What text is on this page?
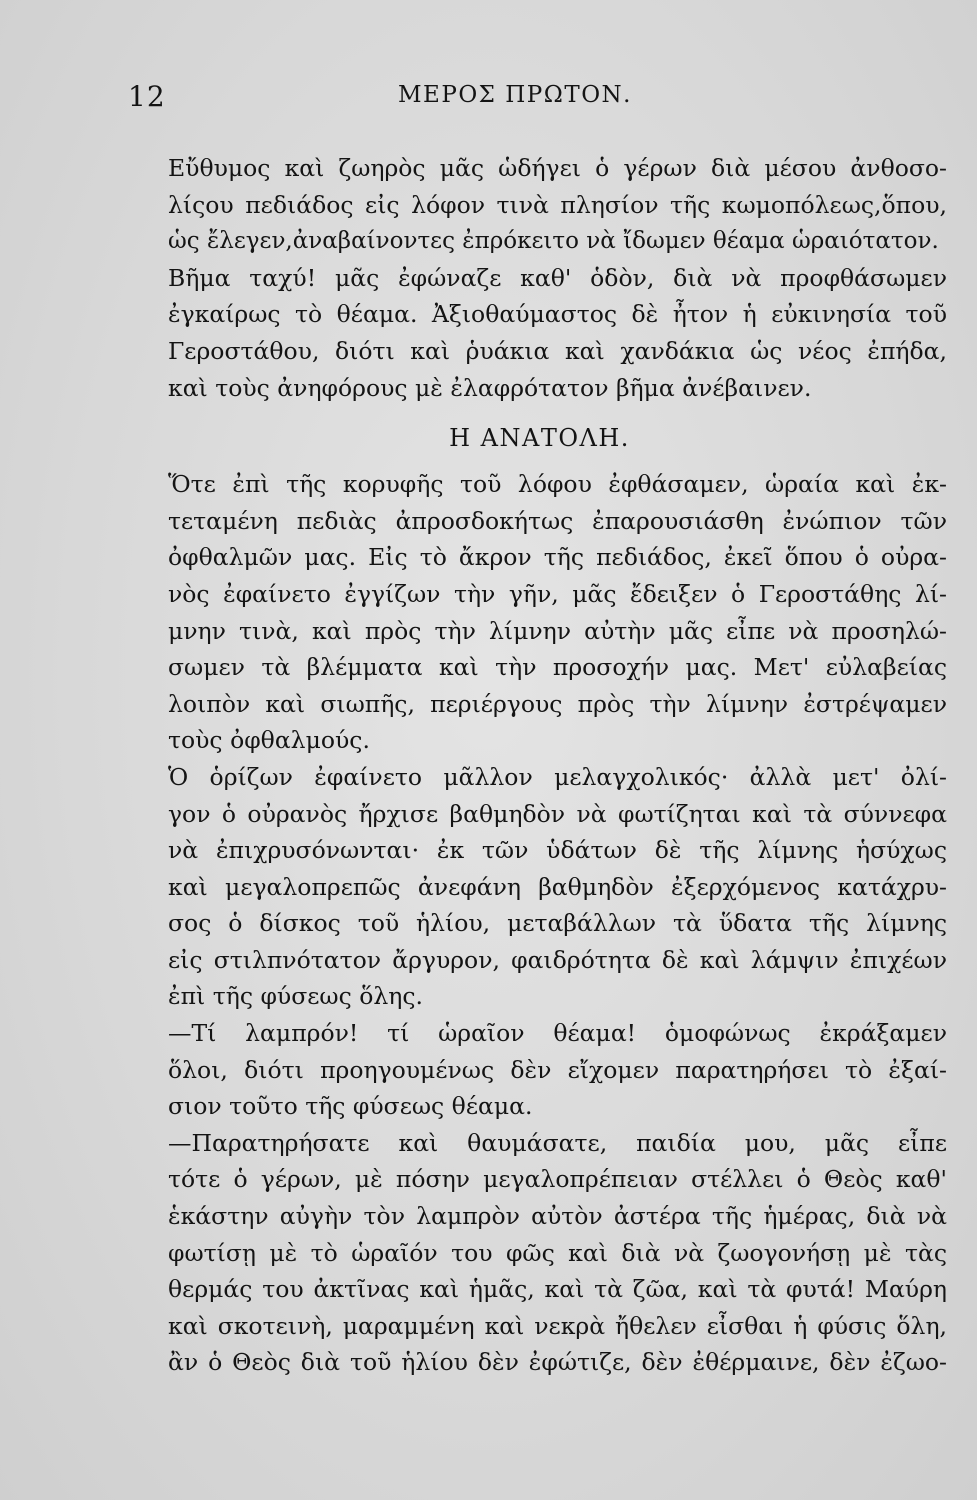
12	ΜΕΡΟΣ ΠΡΩΤΟΝ.

Εὔθυμος καὶ ζωηρὸς μᾶς ὡδήγει ὁ γέρων διὰ μέσου ἀνθοσο-
λίςου πεδιάδος εἰς λόφον τινὰ πλησίον τῆς κωμοπόλεως,ὅπου,
ὡς ἔλεγεν,ἀναβαίνοντες ἐπρόκειτο νὰ ἴδωμεν θέαμα ὡραιότατον.

Βῆμα ταχύ! μᾶς ἐφώναζε καθ' ὁδὸν, διὰ νὰ προφθάσωμεν
ἐγκαίρως τὸ θέαμα. Ἀξιοθαύμαστος δὲ ἦτον ἡ εὐκινησία τοῦ
Γεροστάθου, διότι καὶ ῥυάκια καὶ χανδάκια ὡς νέος ἐπήδα,
καὶ τοὺς ἀνηφόρους μὲ ἐλαφρότατον βῆμα ἀνέβαινεν.

Η ΑΝΑΤΟΛΗ.

Ὅτε ἐπὶ τῆς κορυφῆς τοῦ λόφου ἐφθάσαμεν, ὡραία καὶ ἐκ-
τεταμένη πεδιὰς ἀπροσδοκήτως ἐπαρουσιάσθη ἐνώπιον τῶν
ὀφθαλμῶν μας. Εἰς τὸ ἄκρον τῆς πεδιάδος, ἐκεῖ ὅπου ὁ οὐρα-
νὸς ἐφαίνετο ἐγγίζων τὴν γῆν, μᾶς ἔδειξεν ὁ Γεροστάθης λί-
μνην τινὰ, καὶ πρὸς τὴν λίμνην αὐτὴν μᾶς εἶπε νὰ προσηλώ-
σωμεν τὰ βλέμματα καὶ τὴν προσοχήν μας. Μετ' εὐλαβείας
λοιπὸν καὶ σιωπῆς, περιέργους πρὸς τὴν λίμνην ἐστρέψαμεν
τοὺς ὀφθαλμούς.

Ὁ ὁρίζων ἐφαίνετο μᾶλλον μελαγχολικός· ἀλλὰ μετ' ὀλί-
γον ὁ οὐρανὸς ἤρχισε βαθμηδὸν νὰ φωτίζηται καὶ τὰ σύννεφα
νὰ ἐπιχρυσόνωνται· ἐκ τῶν ὑδάτων δὲ τῆς λίμνης ἡσύχως
καὶ μεγαλοπρεπῶς ἀνεφάνη βαθμηδὸν ἐξερχόμενος κατάχρυ-
σος ὁ δίσκος τοῦ ἡλίου, μεταβάλλων τὰ ὕδατα τῆς λίμνης
εἰς στιλπνότατον ἄργυρον, φαιδρότητα δὲ καὶ λάμψιν ἐπιχέων
ἐπὶ τῆς φύσεως ὅλης.

—Τί λαμπρόν! τί ὡραῖον θέαμα! ὁμοφώνως ἐκράξαμεν
ὅλοι, διότι προηγουμένως δὲν εἴχομεν παρατηρήσει τὸ ἐξαί-
σιον τοῦτο τῆς φύσεως θέαμα.

—Παρατηρήσατε καὶ θαυμάσατε, παιδία μου, μᾶς εἶπε
τότε ὁ γέρων, μὲ πόσην μεγαλοπρέπειαν στέλλει ὁ Θεὸς καθ'
ἑκάστην αὐγὴν τὸν λαμπρὸν αὐτὸν ἀστέρα τῆς ἡμέρας, διὰ νὰ
φωτίσῃ μὲ τὸ ὡραῖόν του φῶς καὶ διὰ νὰ ζωογονήσῃ μὲ τὰς
θερμάς του ἀκτῖνας καὶ ἡμᾶς, καὶ τὰ ζῶα, καὶ τὰ φυτά! Μαύρη
καὶ σκοτεινὴ, μαραμμένη καὶ νεκρὰ ἤθελεν εἶσθαι ἡ φύσις ὅλη,
ἂν ὁ Θεὸς διὰ τοῦ ἡλίου δὲν ἐφώτιζε, δὲν ἐθέρμαινε, δὲν ἐζωο-
